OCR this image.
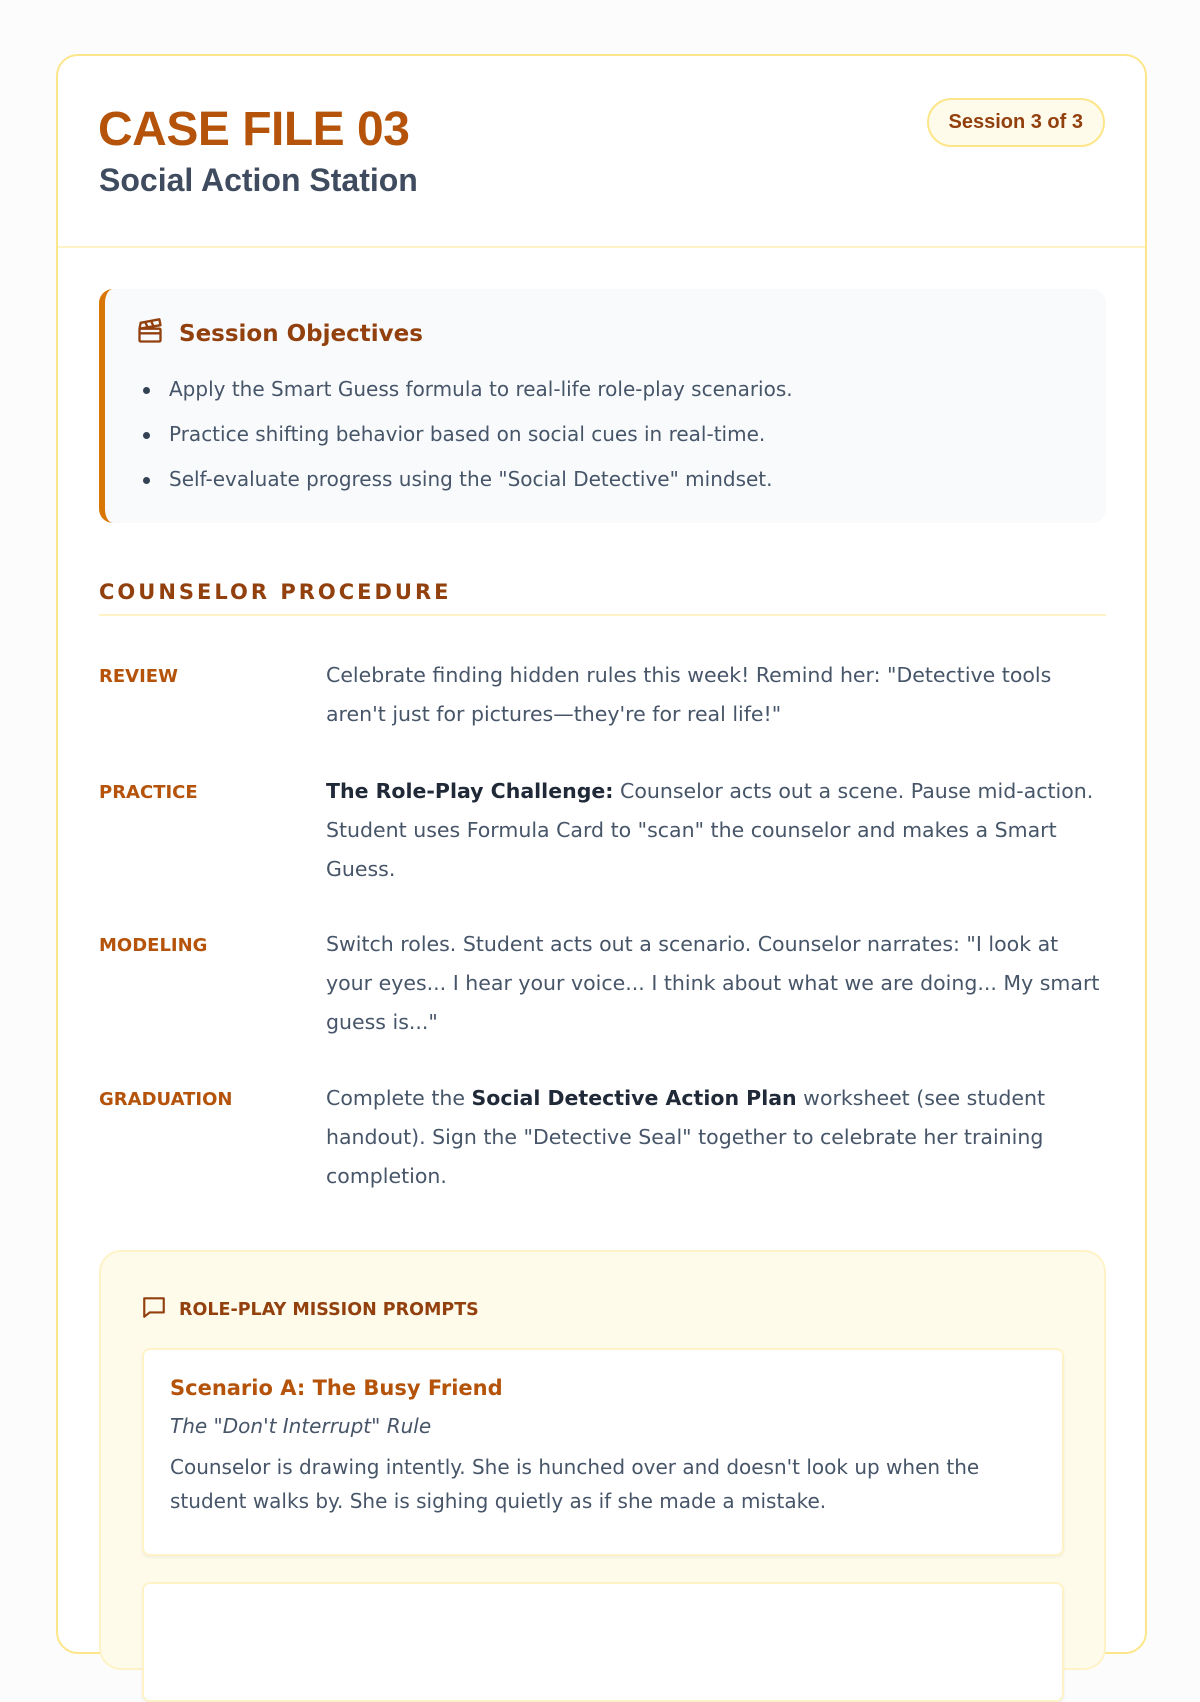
CASE FILE 03
Social Action Station
Session 3 of 3
Session Objectives
Apply the Smart Guess formula to real-life role-play scenarios.
Practice shifting behavior based on social cues in real-time.
Self-evaluate progress using the "Social Detective" mindset.
COUNSELOR PROCEDURE
REVIEW	Celebrate finding hidden rules this week! Remind her: "Detective tools aren't just for pictures—they're for real life!"
PRACTICE	The Role-Play Challenge: Counselor acts out a scene. Pause mid-action. Student uses Formula Card to "scan" the counselor and makes a Smart Guess.
MODELING	Switch roles. Student acts out a scenario. Counselor narrates: "I look at your eyes... I hear your voice... I think about what we are doing... My smart guess is..."
GRADUATION	Complete the Social Detective Action Plan worksheet (see student handout). Sign the "Detective Seal" together to celebrate her training completion.
ROLE-PLAY MISSION PROMPTS
Scenario A: The Busy Friend
The "Don't Interrupt" Rule
Counselor is drawing intently. She is hunched over and doesn't look up when the student walks by. She is sighing quietly as if she made a mistake.
